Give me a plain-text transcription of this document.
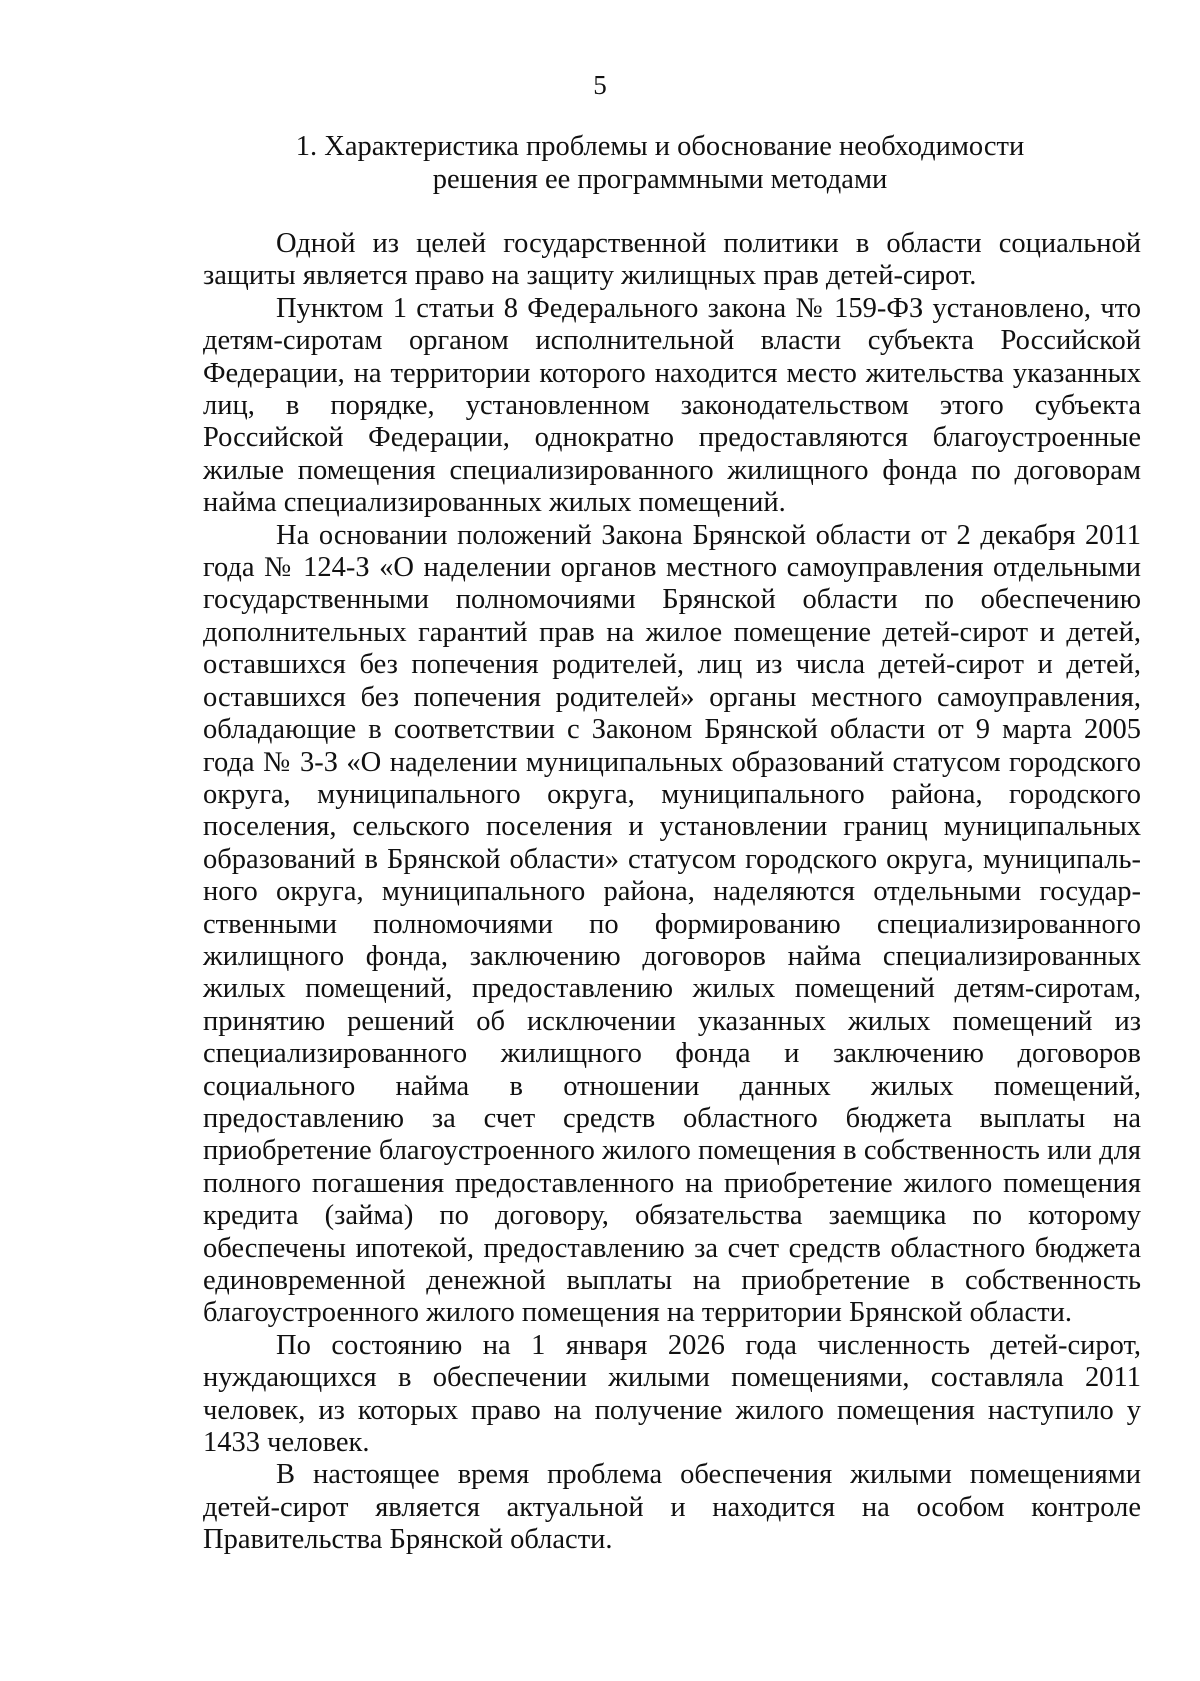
5
1. Характеристика проблемы и обоснование необходимости
решения ее программными методами

Одной из целей государственной политики в области социальной защиты является право на защиту жилищных прав детей-сирот.

Пунктом 1 статьи 8 Федерального закона № 159-ФЗ установлено, что детям-сиротам органом исполнительной власти субъекта Российской Федерации, на территории которого находится место жительства указанных лиц, в порядке, установленном законодательством этого субъекта Российской Федерации, однократно предоставляются благоустроенные жилые помещения специализированного жилищного фонда по договорам найма специализированных жилых помещений.

На основании положений Закона Брянской области от 2 декабря 2011 года № 124-З «О наделении органов местного самоуправления отдельными государственными полномочиями Брянской области по обеспечению дополнительных гарантий прав на жилое помещение детей-сирот и детей, оставшихся без попечения родителей, лиц из числа детей-сирот и детей, оставшихся без попечения родителей» органы местного самоуправления, обладающие в соответствии с Законом Брянской области от 9 марта 2005 года № 3-З «О наделении муниципальных образований статусом городского округа, муниципального округа, муниципального района, городского поселения, сельского поселения и установлении границ муниципальных образований в Брянской области» статусом городского округа, муниципального округа, муниципального района, наделяются отдельными государственными полномочиями по формированию специализированного жилищного фонда, заключению договоров найма специализированных жилых помещений, предоставлению жилых помещений детям-сиротам, принятию решений об исключении указанных жилых помещений из специализированного жилищного фонда и заключению договоров социального найма в отношении данных жилых помещений, предоставлению за счет средств областного бюджета выплаты на приобретение благоустроенного жилого помещения в собственность или для полного погашения предоставленного на приобретение жилого помещения кредита (займа) по договору, обязательства заемщика по которому обеспечены ипотекой, предоставлению за счет средств областного бюджета единовременной денежной выплаты на приобретение в собственность благоустроенного жилого помещения на территории Брянской области.

По состоянию на 1 января 2026 года численность детей-сирот, нуждающихся в обеспечении жилыми помещениями, составляла 2011 человек, из которых право на получение жилого помещения наступило у 1433 человек.

В настоящее время проблема обеспечения жилыми помещениями детей-сирот является актуальной и находится на особом контроле Правительства Брянской области.
